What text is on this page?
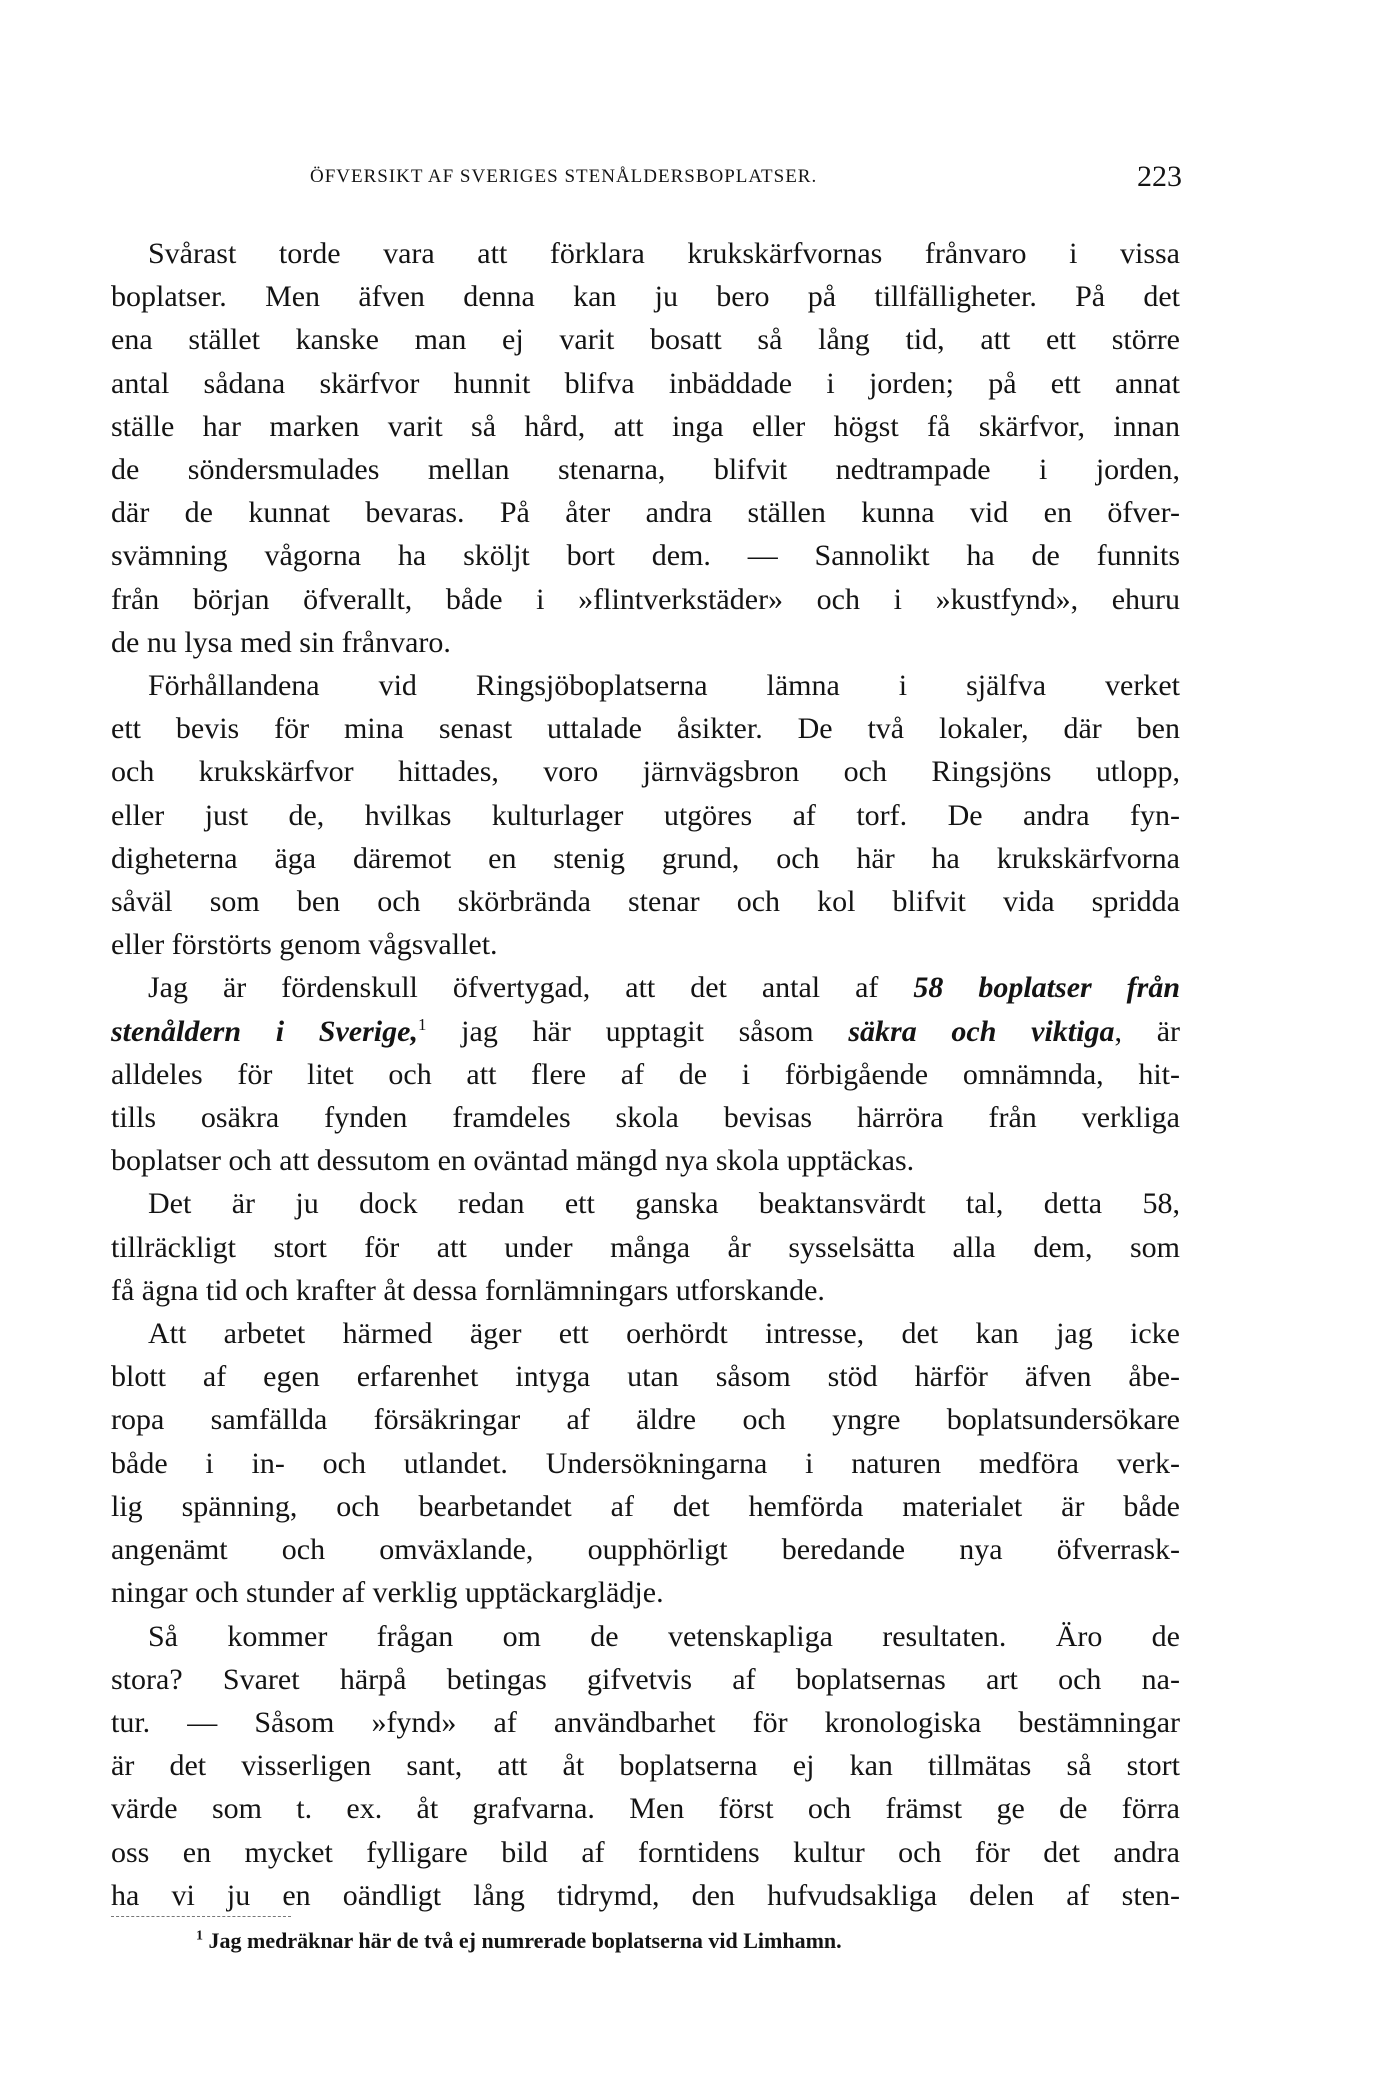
ÖFVERSIKT AF SVERIGES STENÅLDERSBOPLATSER.	223
Svårast torde vara att förklara krukskärfvornas frånvaro i vissa
boplatser. Men äfven denna kan ju bero på tillfälligheter. På det
ena stället kanske man ej varit bosatt så lång tid, att ett större
antal sådana skärfvor hunnit blifva inbäddade i jorden; på ett annat
ställe har marken varit så hård, att inga eller högst få skärfvor, innan
de söndersmulades mellan stenarna, blifvit nedtrampade i jorden,
där de kunnat bevaras. På åter andra ställen kunna vid en öfver-
svämning vågorna ha sköljt bort dem. — Sannolikt ha de funnits
från början öfverallt, både i »flintverkstäder» och i »kustfynd», ehuru
de nu lysa med sin frånvaro.
Förhållandena vid Ringsjöboplatserna lämna i själfva verket
ett bevis för mina senast uttalade åsikter. De två lokaler, där ben
och krukskärfvor hittades, voro järnvägsbron och Ringsjöns utlopp,
eller just de, hvilkas kulturlager utgöres af torf. De andra fyn-
digheterna äga däremot en stenig grund, och här ha krukskärfvorna
såväl som ben och skörbrända stenar och kol blifvit vida spridda
eller förstörts genom vågsvallet.
Jag är fördenskull öfvertygad, att det antal af 58 boplatser från
stenåldern i Sverige,$^1$ jag här upptagit såsom säkra och viktiga, är
alldeles för litet och att flere af de i förbigående omnämnda, hit-
tills osäkra fynden framdeles skola bevisas härröra från verkliga
boplatser och att dessutom en oväntad mängd nya skola upptäckas.
Det är ju dock redan ett ganska beaktansvärdt tal, detta 58,
tillräckligt stort för att under många år sysselsätta alla dem, som
få ägna tid och krafter åt dessa fornlämningars utforskande.
Att arbetet härmed äger ett oerhördt intresse, det kan jag icke
blott af egen erfarenhet intyga utan såsom stöd härför äfven åbe-
ropa samfällda försäkringar af äldre och yngre boplatsundersökare
både i in- och utlandet. Undersökningarna i naturen medföra verk-
lig spänning, och bearbetandet af det hemförda materialet är både
angenämt och omväxlande, oupphörligt beredande nya öfverrask-
ningar och stunder af verklig upptäckarglädje.
Så kommer frågan om de vetenskapliga resultaten. Äro de
stora? Svaret härpå betingas gifvetvis af boplatsernas art och na-
tur. — Såsom »fynd» af användbarhet för kronologiska bestämningar
är det visserligen sant, att åt boplatserna ej kan tillmätas så stort
värde som t. ex. åt grafvarna. Men först och främst ge de förra
oss en mycket fylligare bild af forntidens kultur och för det andra
ha vi ju en oändligt lång tidrymd, den hufvudsakliga delen af sten-
$^1$ Jag medräknar här de två ej numrerade boplatserna vid Limhamn.
